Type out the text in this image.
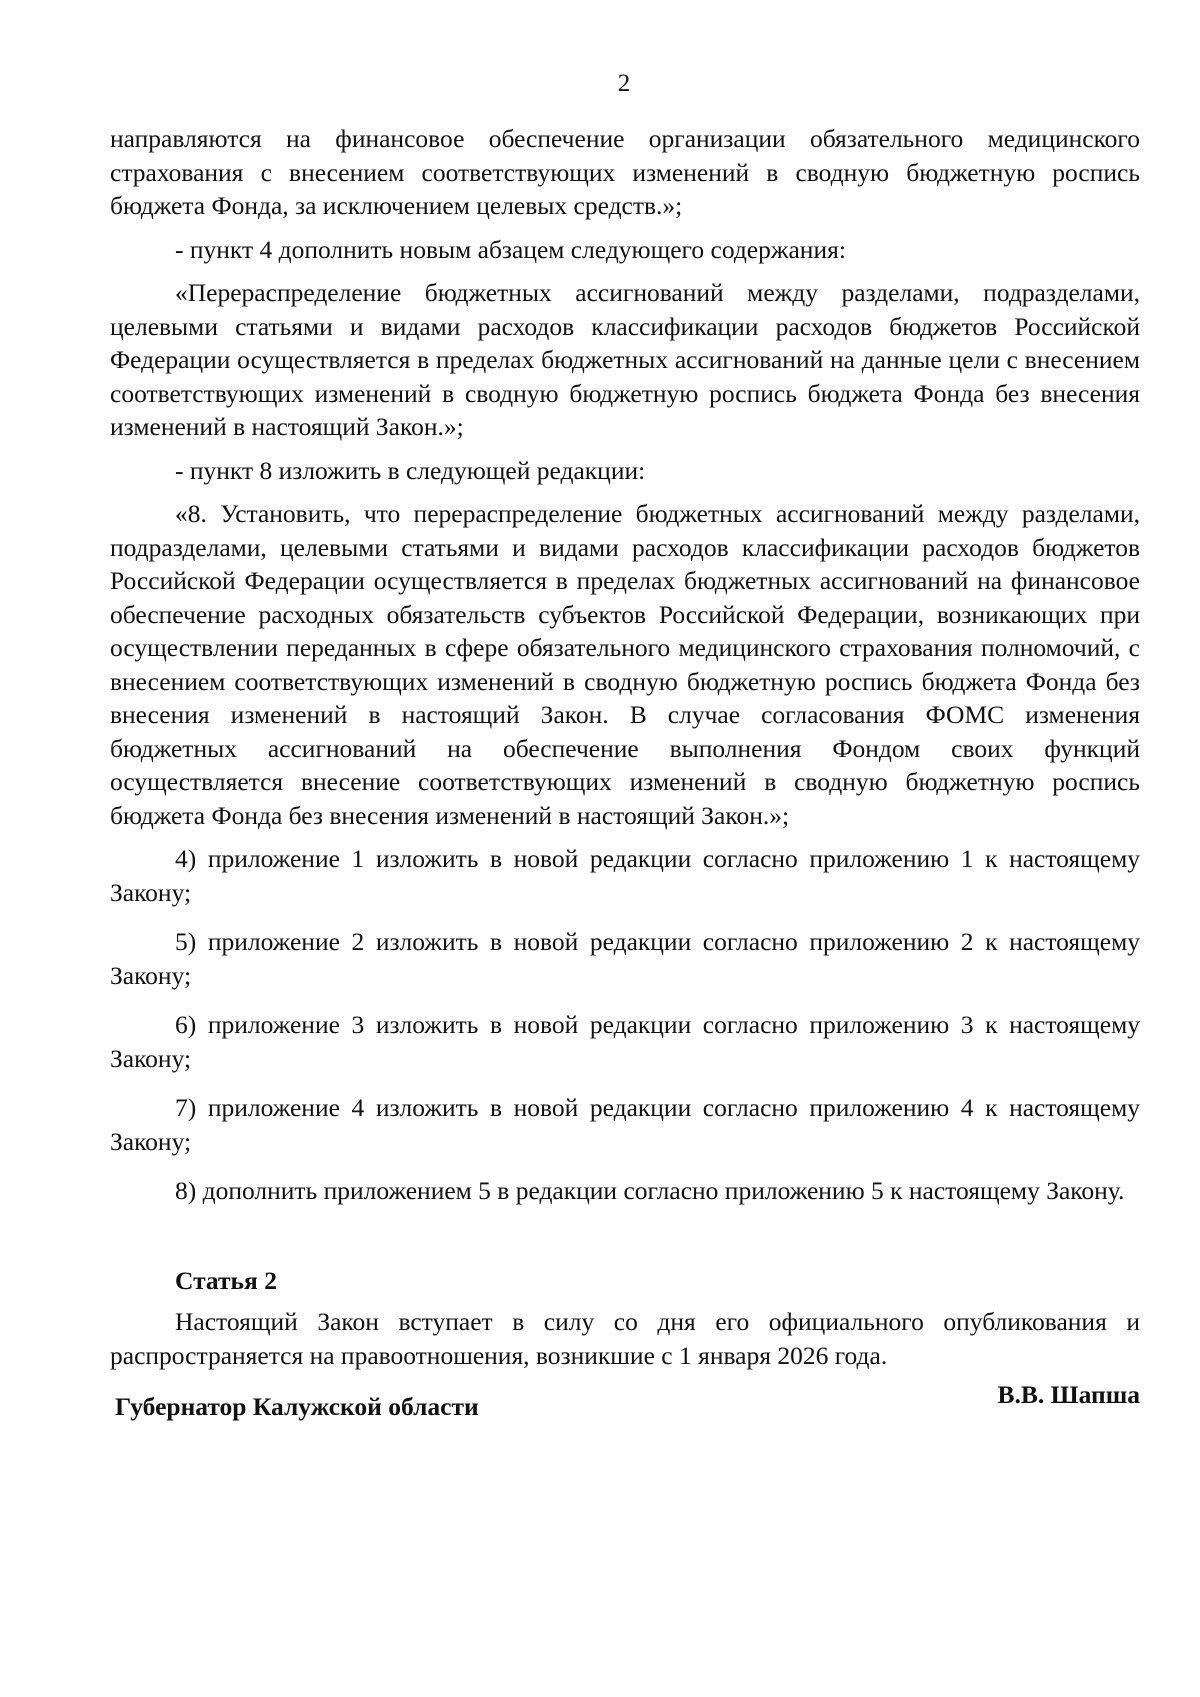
2

направляются на финансовое обеспечение организации обязательного медицинского страхования с внесением соответствующих изменений в сводную бюджетную роспись бюджета Фонда, за исключением целевых средств.»;

- пункт 4 дополнить новым абзацем следующего содержания:

«Перераспределение бюджетных ассигнований между разделами, подразделами, целевыми статьями и видами расходов классификации расходов бюджетов Российской Федерации осуществляется в пределах бюджетных ассигнований на данные цели с внесением соответствующих изменений в сводную бюджетную роспись бюджета Фонда без внесения изменений в настоящий Закон.»;

- пункт 8 изложить в следующей редакции:

«8. Установить, что перераспределение бюджетных ассигнований между разделами, подразделами, целевыми статьями и видами расходов классификации расходов бюджетов Российской Федерации осуществляется в пределах бюджетных ассигнований на финансовое обеспечение расходных обязательств субъектов Российской Федерации, возникающих при осуществлении переданных в сфере обязательного медицинского страхования полномочий, с внесением соответствующих изменений в сводную бюджетную роспись бюджета Фонда без внесения изменений в настоящий Закон. В случае согласования ФОМС изменения бюджетных ассигнований на обеспечение выполнения Фондом своих функций осуществляется внесение соответствующих изменений в сводную бюджетную роспись бюджета Фонда без внесения изменений в настоящий Закон.»;

4) приложение 1 изложить в новой редакции согласно приложению 1 к настоящему Закону;

5) приложение 2 изложить в новой редакции согласно приложению 2 к настоящему Закону;

6) приложение 3 изложить в новой редакции согласно приложению 3 к настоящему Закону;

7) приложение 4 изложить в новой редакции согласно приложению 4 к настоящему Закону;

8) дополнить приложением 5 в редакции согласно приложению 5 к настоящему Закону.

Статья 2

Настоящий Закон вступает в силу со дня его официального опубликования и распространяется на правоотношения, возникшие с 1 января 2026 года.

Губернатор Калужской области	В.В. Шапша
